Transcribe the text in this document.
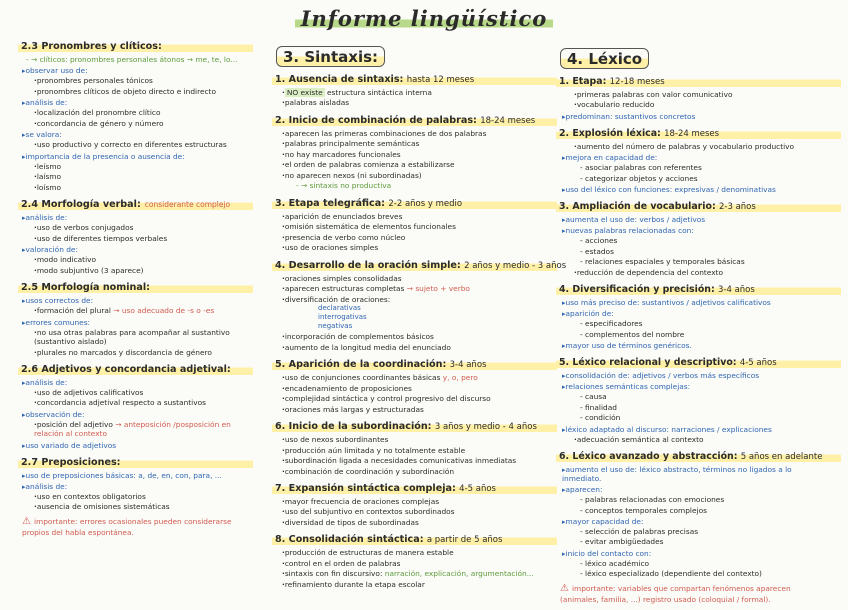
Informe lingüístico
2.3 Pronombres y clíticos:
- → clíticos: pronombres personales átonos → me, te, lo...
▸ observar uso de:
· pronombres personales tónicos
· pronombres clíticos de objeto directo e indirecto
▸ análisis de:
· localización del pronombre clítico
· concordancia de género y número
▸ se valora:
· uso productivo y correcto en diferentes estructuras
▸ importancia de la presencia o ausencia de:
· leísmo
· laísmo
· loísmo
2.4 Morfología verbal: considerante complejo
▸ análisis de:
· uso de verbos conjugados
· uso de diferentes tiempos verbales
▸ valoración de:
· modo indicativo
· modo subjuntivo (3 aparece)
2.5 Morfología nominal:
▸ usos correctos de:
· formación del plural → uso adecuado de -s o -es
▸ errores comunes:
· no usa otras palabras para acompañar al sustantivo (sustantivo aislado)
· plurales no marcados y discordancia de género
2.6 Adjetivos y concordancia adjetival:
▸ análisis de:
· uso de adjetivos calificativos
· concordancia adjetival respecto a sustantivos
▸ observación de:
· posición del adjetivo → anteposición /posposición en relación al contexto
▸ uso variado de adjetivos
2.7 Preposiciones:
▸ uso de preposiciones básicas: a, de, en, con, para, ...
▸ análisis de:
· uso en contextos obligatorios
· ausencia de omisiones sistemáticas
⚠ importante: errores ocasionales pueden considerarse propios del habla espontánea.
3. Sintaxis:
1. Ausencia de sintaxis: hasta 12 meses
· NO existe estructura sintáctica interna
· palabras aisladas
2. Inicio de combinación de palabras: 18-24 meses
· aparecen las primeras combinaciones de dos palabras
· palabras principalmente semánticas
· no hay marcadores funcionales
· el orden de palabras comienza a estabilizarse
· no aparecen nexos (ni subordinadas)
- → sintaxis no productiva
3. Etapa telegráfica: 2-2 años y medio
· aparición de enunciados breves
· omisión sistemática de elementos funcionales
· presencia de verbo como núcleo
· uso de oraciones simples
4. Desarrollo de la oración simple: 2 años y medio - 3 años
· oraciones simples consolidadas
· aparecen estructuras completas → sujeto + verbo
· diversificación de oraciones:
declarativas
interrogativas
negativas
· incorporación de complementos básicos
· aumento de la longitud media del enunciado
5. Aparición de la coordinación: 3-4 años
· uso de conjunciones coordinantes básicas y, o, pero
· encadenamiento de proposiciones
· complejidad sintáctica y control progresivo del discurso
· oraciones más largas y estructuradas
6. Inicio de la subordinación: 3 años y medio - 4 años
· uso de nexos subordinantes
· producción aún limitada y no totalmente estable
· subordinación ligada a necesidades comunicativas inmediatas
· combinación de coordinación y subordinación
7. Expansión sintáctica compleja: 4-5 años
· mayor frecuencia de oraciones complejas
· uso del subjuntivo en contextos subordinados
· diversidad de tipos de subordinadas
8. Consolidación sintáctica: a partir de 5 años
· producción de estructuras de manera estable
· control en el orden de palabras
· sintaxis con fin discursivo: narración, explicación, argumentación...
· refinamiento durante la etapa escolar
4. Léxico
1. Etapa: 12-18 meses
· primeras palabras con valor comunicativo
· vocabulario reducido
▸ predominan: sustantivos concretos
2. Explosión léxica: 18-24 meses
· aumento del número de palabras y vocabulario productivo
▸ mejora en capacidad de:
- asociar palabras con referentes
- categorizar objetos y acciones
▸ uso del léxico con funciones: expresivas / denominativas
3. Ampliación de vocabulario: 2-3 años
▸ aumenta el uso de: verbos / adjetivos
▸ nuevas palabras relacionadas con:
- acciones
- estados
- relaciones espaciales y temporales básicas
· reducción de dependencia del contexto
4. Diversificación y precisión: 3-4 años
▸ uso más preciso de: sustantivos / adjetivos calificativos
▸ aparición de:
- especificadores
- complementos del nombre
▸ mayor uso de términos genéricos.
5. Léxico relacional y descriptivo: 4-5 años
▸ consolidación de: adjetivos / verbos más específicos
▸ relaciones semánticas complejas:
- causa
- finalidad
- condición
▸ léxico adaptado al discurso: narraciones / explicaciones
· adecuación semántica al contexto
6. Léxico avanzado y abstracción: 5 años en adelante
▸ aumento el uso de: léxico abstracto, términos no ligados a lo inmediato.
▸ aparecen:
- palabras relacionadas con emociones
- conceptos temporales complejos
▸ mayor capacidad de:
- selección de palabras precisas
- evitar ambigüedades
▸ inicio del contacto con:
- léxico académico
- léxico especializado (dependiente del contexto)
⚠ importante: variables que compartan fenómenos aparecen (animales, familia, ...) registro usado (coloquial / formal).
